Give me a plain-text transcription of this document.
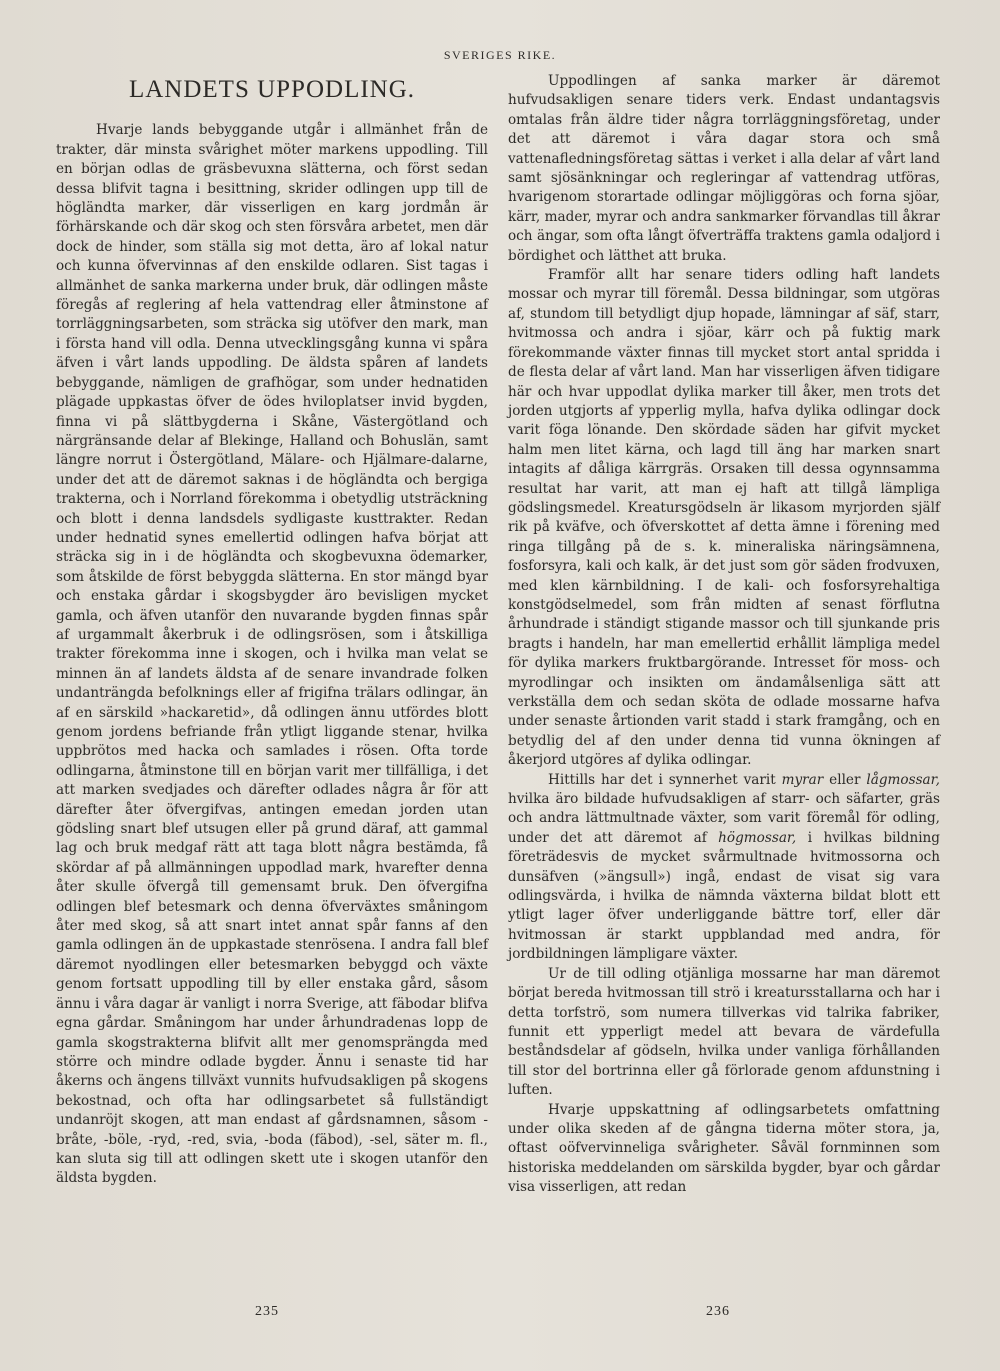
SVERIGES RIKE.
LANDETS UPPODLING.

Hvarje lands bebyggande utgår i allmänhet från de trakter, där minsta svårighet möter markens uppodling. Till en början odlas de gräsbevuxna slätterna, och först sedan dessa blifvit tagna i besittning, skrider odlingen upp till de högländta marker, där visserligen en karg jordmån är förhärskande och där skog och sten försvåra arbetet, men där dock de hinder, som ställa sig mot detta, äro af lokal natur och kunna öfvervinnas af den enskilde odlaren. Sist tagas i allmänhet de sanka markerna under bruk, där odlingen måste föregås af reglering af hela vattendrag eller åtminstone af torrläggningsarbeten, som sträcka sig utöfver den mark, man i första hand vill odla. Denna utvecklingsgång kunna vi spåra äfven i vårt lands uppodling. De äldsta spåren af landets bebyggande, nämligen de grafhögar, som under hednatiden plägade uppkastas öfver de ödes hviloplatser invid bygden, finna vi på slättbygderna i Skåne, Västergötland och närgränsande delar af Blekinge, Halland och Bohuslän, samt längre norrut i Östergötland, Mälare- och Hjälmare-dalarne, under det att de däremot saknas i de högländta och bergiga trakterna, och i Norrland förekomma i obetydlig utsträckning och blott i denna landsdels sydligaste kusttrakter. Redan under hednatid synes emellertid odlingen hafva börjat att sträcka sig in i de högländta och skogbevuxna ödemarker, som åtskilde de först bebyggda slätterna. En stor mängd byar och enstaka gårdar i skogsbygder äro bevisligen mycket gamla, och äfven utanför den nuvarande bygden finnas spår af urgammalt åkerbruk i de odlingsrösen, som i åtskilliga trakter förekomma inne i skogen, och i hvilka man velat se minnen än af landets äldsta af de senare invandrade folken undanträngda befolknings eller af frigifna trälars odlingar, än af en särskild »hackaretid», då odlingen ännu utfördes blott genom jordens befriande från ytligt liggande stenar, hvilka uppbrötos med hacka och samlades i rösen. Ofta torde odlingarna, åtminstone till en början varit mer tillfälliga, i det att marken svedjades och därefter odlades några år för att därefter åter öfvergifvas, antingen emedan jorden utan gödsling snart blef utsugen eller på grund däraf, att gammal lag och bruk medgaf rätt att taga blott några bestämda, få skördar af på allmänningen uppodlad mark, hvarefter denna åter skulle öfvergå till gemensamt bruk. Den öfvergifna odlingen blef betesmark och denna öfverväxtes småningom åter med skog, så att snart intet annat spår fanns af den gamla odlingen än de uppkastade stenrösena. I andra fall blef däremot nyodlingen eller betesmarken bebyggd och växte genom fortsatt uppodling till by eller enstaka gård, såsom ännu i våra dagar är vanligt i norra Sverige, att fäbodar blifva egna gårdar. Småningom har under århundradenas lopp de gamla skogstrakterna blifvit allt mer genomsprängda med större och mindre odlade bygder. Ännu i senaste tid har åkerns och ängens tillväxt vunnits hufvudsakligen på skogens bekostnad, och ofta har odlingsarbetet så fullständigt undanröjt skogen, att man endast af gårdsnamnen, såsom -bråte, -böle, -ryd, -red, svia, -boda (fäbod), -sel, säter m. fl., kan sluta sig till att odlingen skett ute i skogen utanför den äldsta bygden.

Uppodlingen af sanka marker är däremot hufvudsakligen senare tiders verk. Endast undantagsvis omtalas från äldre tider några torrläggningsföretag, under det att däremot i våra dagar stora och små vattenafledningsföretag sättas i verket i alla delar af vårt land samt sjösänkningar och regleringar af vattendrag utföras, hvarigenom storartade odlingar möjliggöras och forna sjöar, kärr, mader, myrar och andra sankmarker förvandlas till åkrar och ängar, som ofta långt öfverträffa traktens gamla odaljord i bördighet och lätthet att bruka.

Framför allt har senare tiders odling haft landets mossar och myrar till föremål. Dessa bildningar, som utgöras af, stundom till betydligt djup hopade, lämningar af säf, starr, hvitmossa och andra i sjöar, kärr och på fuktig mark förekommande växter finnas till mycket stort antal spridda i de flesta delar af vårt land. Man har visserligen äfven tidigare här och hvar uppodlat dylika marker till åker, men trots det jorden utgjorts af ypperlig mylla, hafva dylika odlingar dock varit föga lönande. Den skördade säden har gifvit mycket halm men litet kärna, och lagd till äng har marken snart intagits af dåliga kärrgräs. Orsaken till dessa ogynnsamma resultat har varit, att man ej haft att tillgå lämpliga gödslingsmedel. Kreatursgödseln är likasom myrjorden själf rik på kväfve, och öfverskottet af detta ämne i förening med ringa tillgång på de s. k. mineraliska näringsämnena, fosforsyra, kali och kalk, är det just som gör säden frodvuxen, med klen kärnbildning. I de kali- och fosforsyrehaltiga konstgödselmedel, som från midten af senast förflutna århundrade i ständigt stigande massor och till sjunkande pris bragts i handeln, har man emellertid erhållit lämpliga medel för dylika markers fruktbargörande. Intresset för moss- och myrodlingar och insikten om ändamålsenliga sätt att verkställa dem och sedan sköta de odlade mossarne hafva under senaste årtionden varit stadd i stark framgång, och en betydlig del af den under denna tid vunna ökningen af åkerjord utgöres af dylika odlingar.

Hittills har det i synnerhet varit myrar eller lågmossar, hvilka äro bildade hufvudsakligen af starr- och säfarter, gräs och andra lättmultnade växter, som varit föremål för odling, under det att däremot af högmossar, i hvilkas bildning företrädesvis de mycket svårmultnade hvitmossorna och dunsäfven (»ängsull») ingå, endast de visat sig vara odlingsvärda, i hvilka de nämnda växterna bildat blott ett ytligt lager öfver underliggande bättre torf, eller där hvitmossan är starkt uppblandad med andra, för jordbildningen lämpligare växter.

Ur de till odling otjänliga mossarne har man däremot börjat bereda hvitmossan till strö i kreatursstallarna och har i detta torfströ, som numera tillverkas vid talrika fabriker, funnit ett ypperligt medel att bevara de värdefulla beståndsdelar af gödseln, hvilka under vanliga förhållanden till stor del bortrinna eller gå förlorade genom afdunstning i luften.

Hvarje uppskattning af odlingsarbetets omfattning under olika skeden af de gångna tiderna möter stora, ja, oftast oöfvervinneliga svårigheter. Såväl fornminnen som historiska meddelanden om särskilda bygder, byar och gårdar visa visserligen, att redan

235	236
